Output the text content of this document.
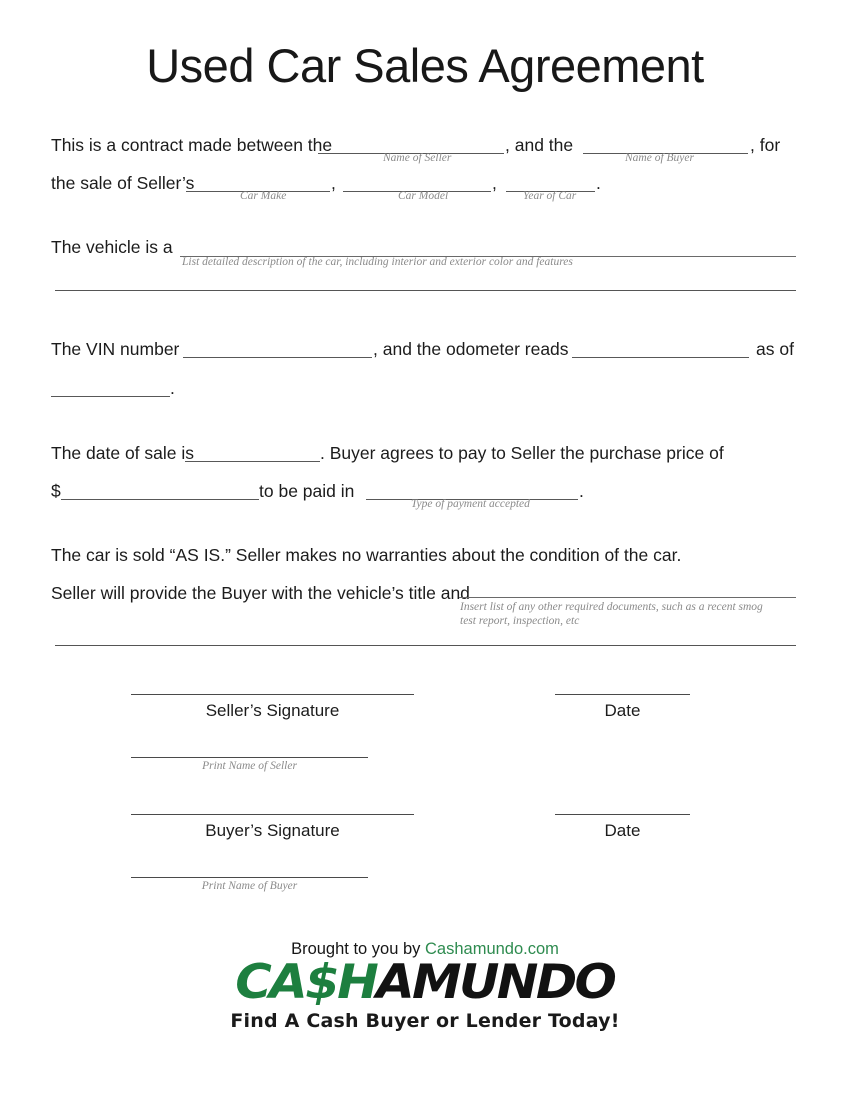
Used Car Sales Agreement
This is a contract made between the
Name of Seller
, and the
Name of Buyer
, for
the sale of Seller’s
Car Make
,
Car Model
,
Year of Car
.
The vehicle is a
List detailed description of the car, including interior and exterior color and features
The VIN number	, and the odometer reads	as of
.
The date of sale is	. Buyer agrees to pay to Seller the purchase price of
$	to be paid in
Type of payment accepted
.
The car is sold “AS IS.” Seller makes no warranties about the condition of the car.
Seller will provide the Buyer with the vehicle’s title and
Insert list of any other required documents, such as a recent smog test report, inspection, etc
Seller’s Signature	Date
Print Name of Seller
Buyer’s Signature	Date
Print Name of Buyer
Brought to you by Cashamundo.com
CA$HAMUNDO
Find A Cash Buyer or Lender Today!
